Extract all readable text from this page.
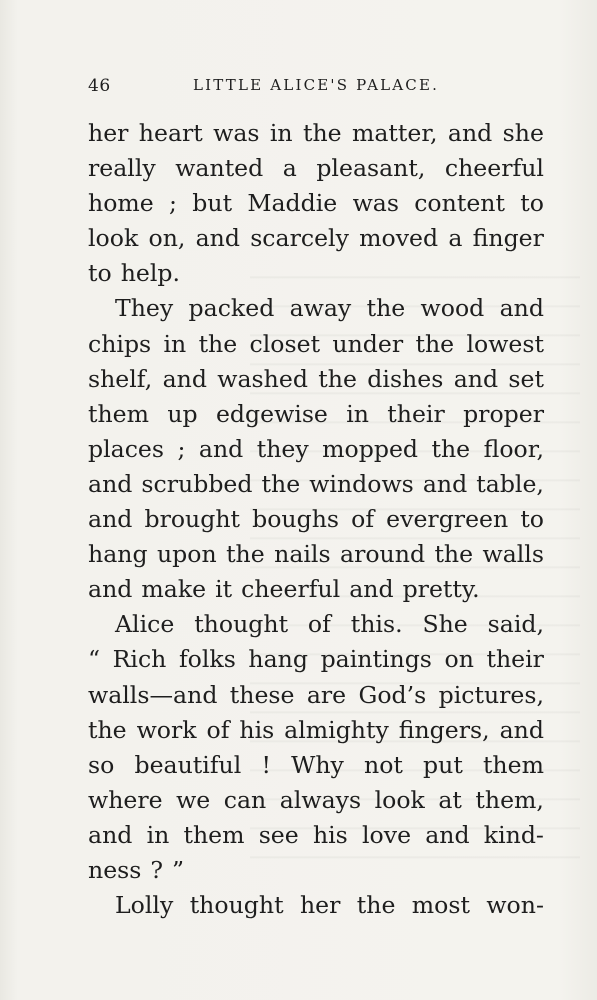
46	LITTLE ALICE'S PALACE.
her heart was in the matter, and she
really wanted a pleasant, cheerful
home ; but Maddie was content to
look on, and scarcely moved a finger
to help.
They packed away the wood and
chips in the closet under the lowest
shelf, and washed the dishes and set
them up edgewise in their proper
places ; and they mopped the floor,
and scrubbed the windows and table,
and brought boughs of evergreen to
hang upon the nails around the walls
and make it cheerful and pretty.
Alice thought of this. She said,
“ Rich folks hang paintings on their
walls—and these are God’s pictures,
the work of his almighty fingers, and
so beautiful ! Why not put them
where we can always look at them,
and in them see his love and kind-
ness ? ”
Lolly thought her the most won-
